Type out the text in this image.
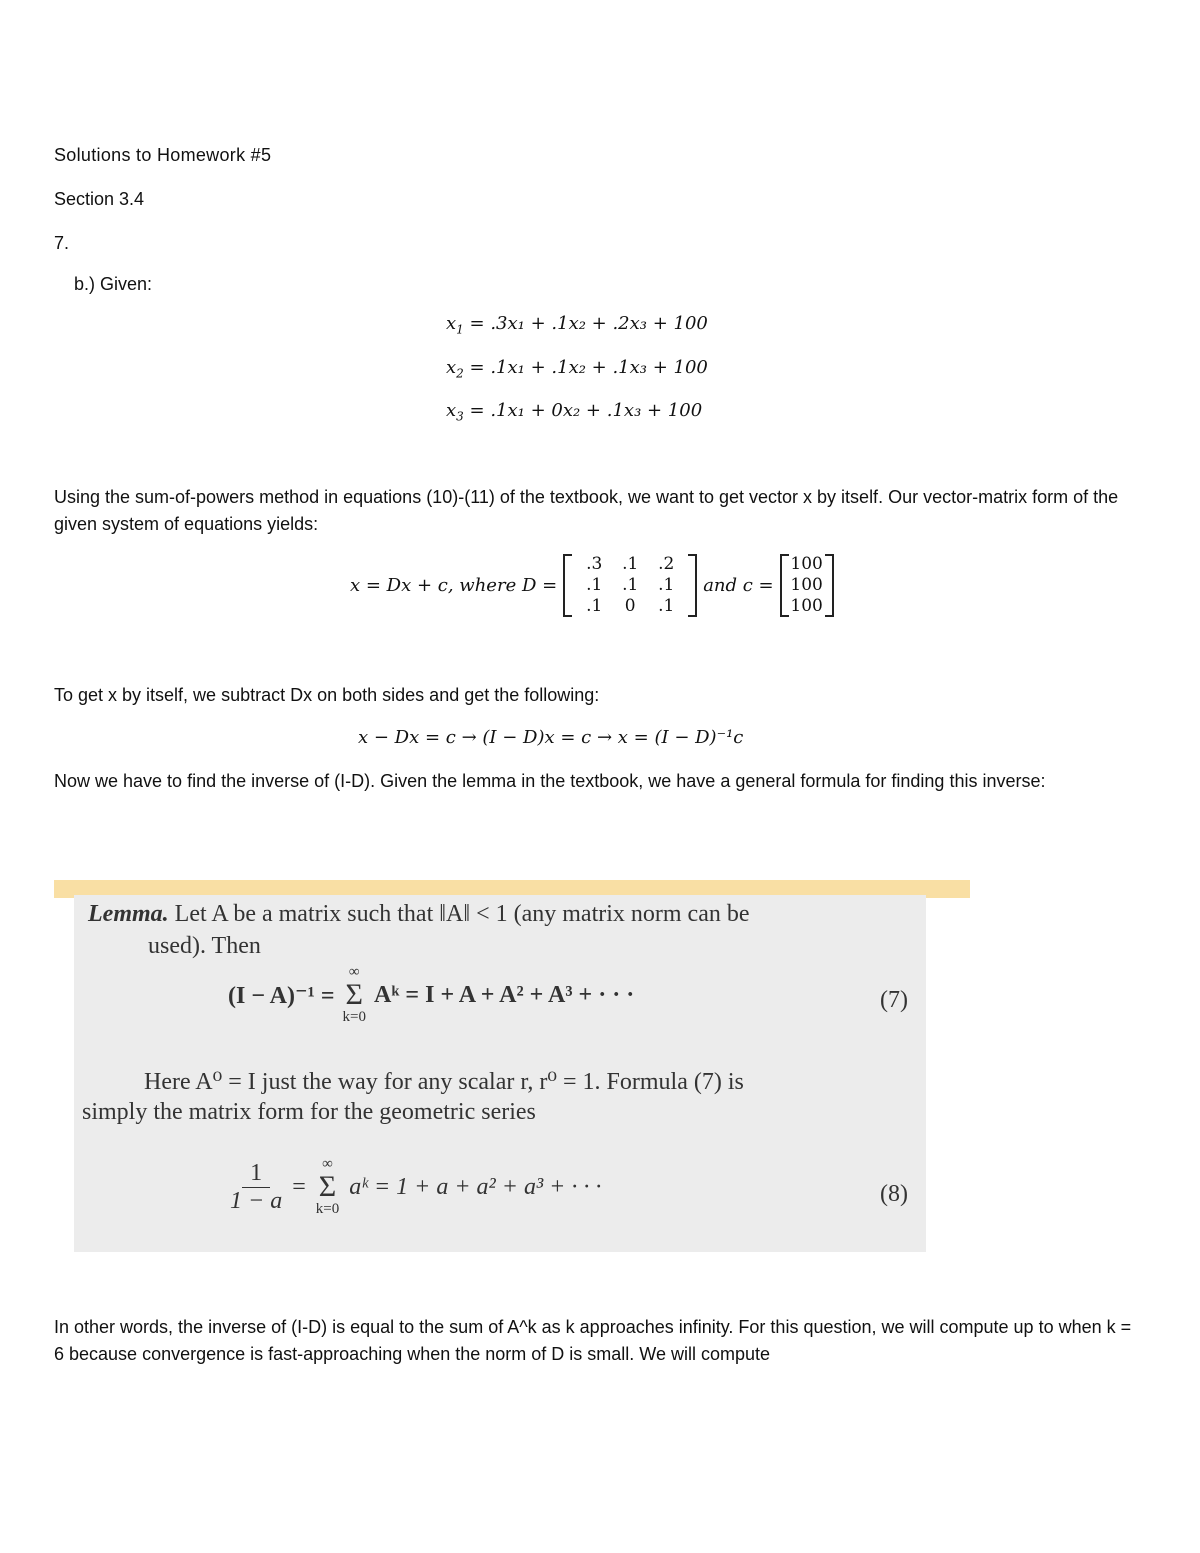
Solutions to Homework #5
Section 3.4
7.
b.) Given:
$x_1 = .3x_1 + .1x_2 + .2x_3 + 100$
$x_2 = .1x_1 + .1x_2 + .1x_3 + 100$
$x_3 = .1x_1 + 0x_2 + .1x_3 + 100$
Using the sum-of-powers method in equations (10)-(11) of the textbook, we want to get vector x by itself. Our vector-matrix form of the given system of equations yields:
x = Dx + c, where D =
.3	.1	.2
.1	.1	.1
.1	0	.1
and c =
100
100
100
To get x by itself, we subtract Dx on both sides and get the following:
x − Dx = c → (I − D)x = c → x = (I − D)⁻¹c
Now we have to find the inverse of (I-D). Given the lemma in the textbook, we have a general formula for finding this inverse:
Lemma. Let A be a matrix such that ‖A‖ < 1 (any matrix norm can be
used). Then
(I − A)⁻¹ =
∞
Σ
k=0
Aᵏ = I + A + A² + A³ + · · ·	(7)
Here A⁰ = I just the way for any scalar r, r⁰ = 1. Formula (7) is
simply the matrix form for the geometric series
$\frac{1}{1 - a}$ =
∞
Σ
k=0
aᵏ = 1 + a + a² + a³ + · · ·	(8)
In other words, the inverse of (I-D) is equal to the sum of A^k as k approaches infinity. For this question, we will compute up to when k = 6 because convergence is fast-approaching when the norm of D is small. We will compute
